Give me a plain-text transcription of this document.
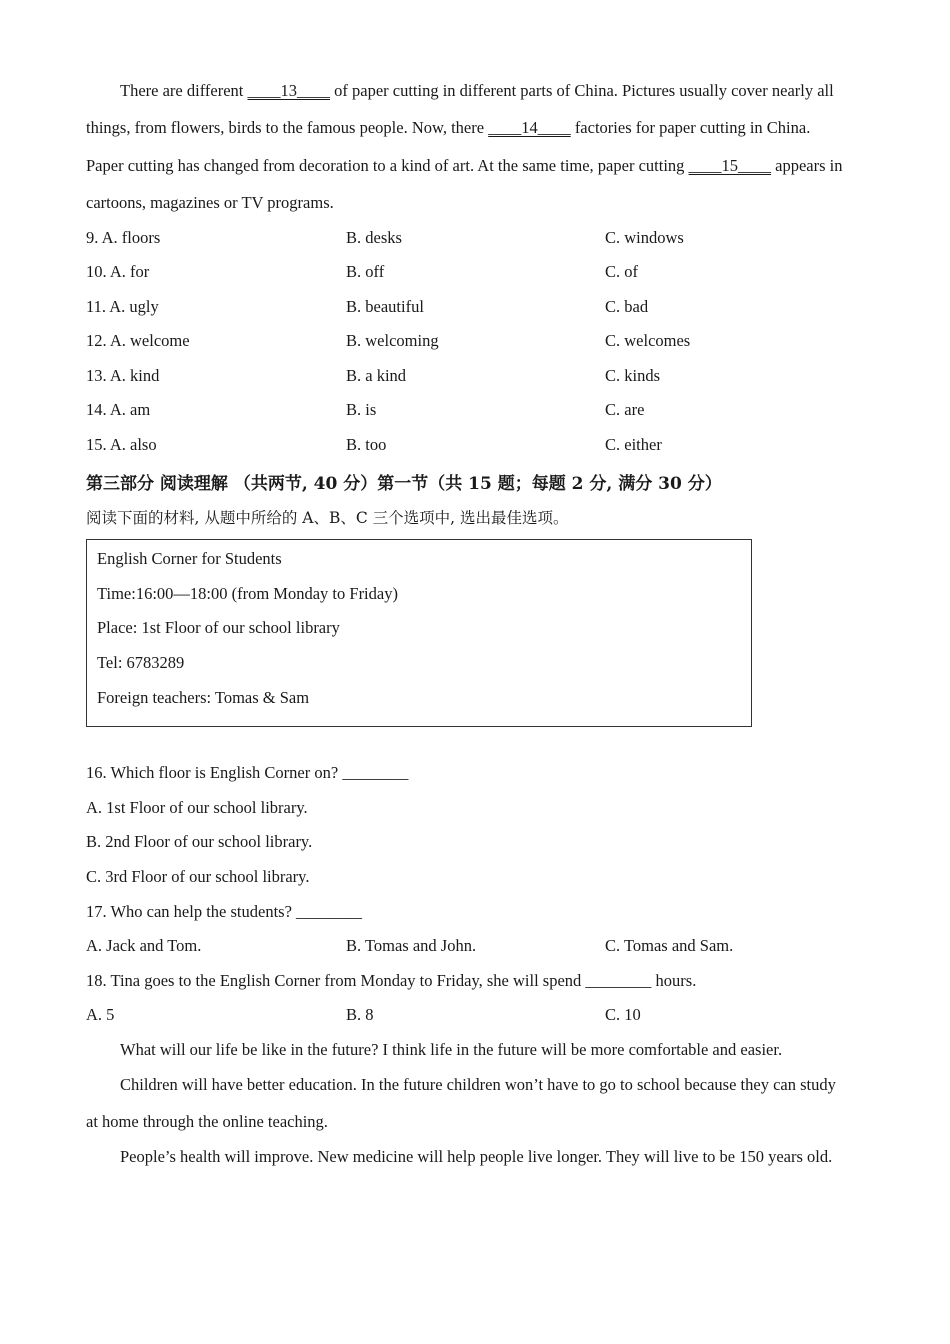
There are different ____13____ of paper cutting in different parts of China. Pictures usually cover nearly all
things, from flowers, birds to the famous people. Now, there ____14____ factories for paper cutting in China.
Paper cutting has changed from decoration to a kind of art. At the same time, paper cutting ____15____ appears in
cartoons, magazines or TV programs.
9. A. floors	B. desks	C. windows
10. A. for	B. off	C. of
11. A. ugly	B. beautiful	C. bad
12. A. welcome	B. welcoming	C. welcomes
13. A. kind	B. a kind	C. kinds
14. A. am	B. is	C. are
15. A. also	B. too	C. either
第三部分 阅读理解 （共两节, 40 分）第一节（共 15 题；每题 2 分, 满分 30 分）
阅读下面的材料, 从题中所给的 A、B、C 三个选项中, 选出最佳选项。
English Corner for Students
Time:16:00—18:00 (from Monday to Friday)
Place: 1st Floor of our school library
Tel: 6783289
Foreign teachers: Tomas & Sam
16. Which floor is English Corner on? ________
A. 1st Floor of our school library.
B. 2nd Floor of our school library.
C. 3rd Floor of our school library.
17. Who can help the students? ________
A. Jack and Tom.	B. Tomas and John.	C. Tomas and Sam.
18. Tina goes to the English Corner from Monday to Friday, she will spend ________ hours.
A. 5	B. 8	C. 10
What will our life be like in the future? I think life in the future will be more comfortable and easier.
Children will have better education. In the future children won’t have to go to school because they can study
at home through the online teaching.
People’s health will improve. New medicine will help people live longer. They will live to be 150 years old.
